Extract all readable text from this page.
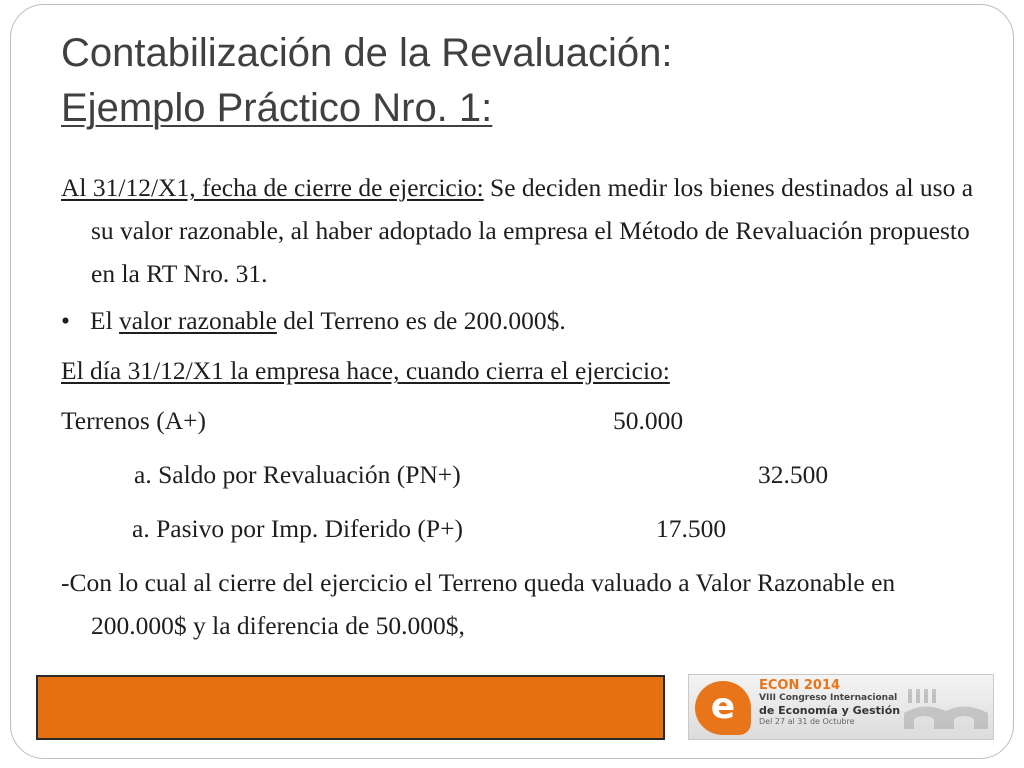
Contabilización de la Revaluación:
Ejemplo Práctico Nro. 1:

Al 31/12/X1, fecha de cierre de ejercicio: Se deciden medir los bienes destinados al uso a su valor razonable, al haber adoptado la empresa el Método de Revaluación propuesto en la RT Nro. 31.

• El valor razonable del Terreno es de 200.000$.

El día 31/12/X1 la empresa hace, cuando cierra el ejercicio:

Terrenos (A+)	50.000
a. Saldo por Revaluación (PN+)	32.500
a. Pasivo por Imp. Diferido (P+)	17.500

-Con lo cual al cierre del ejercicio el Terreno queda valuado a Valor Razonable en 200.000$ y la diferencia de 50.000$,

e
ECON 2014
VIII Congreso Internacional
de Economía y Gestión
Del 27 al 31 de Octubre
